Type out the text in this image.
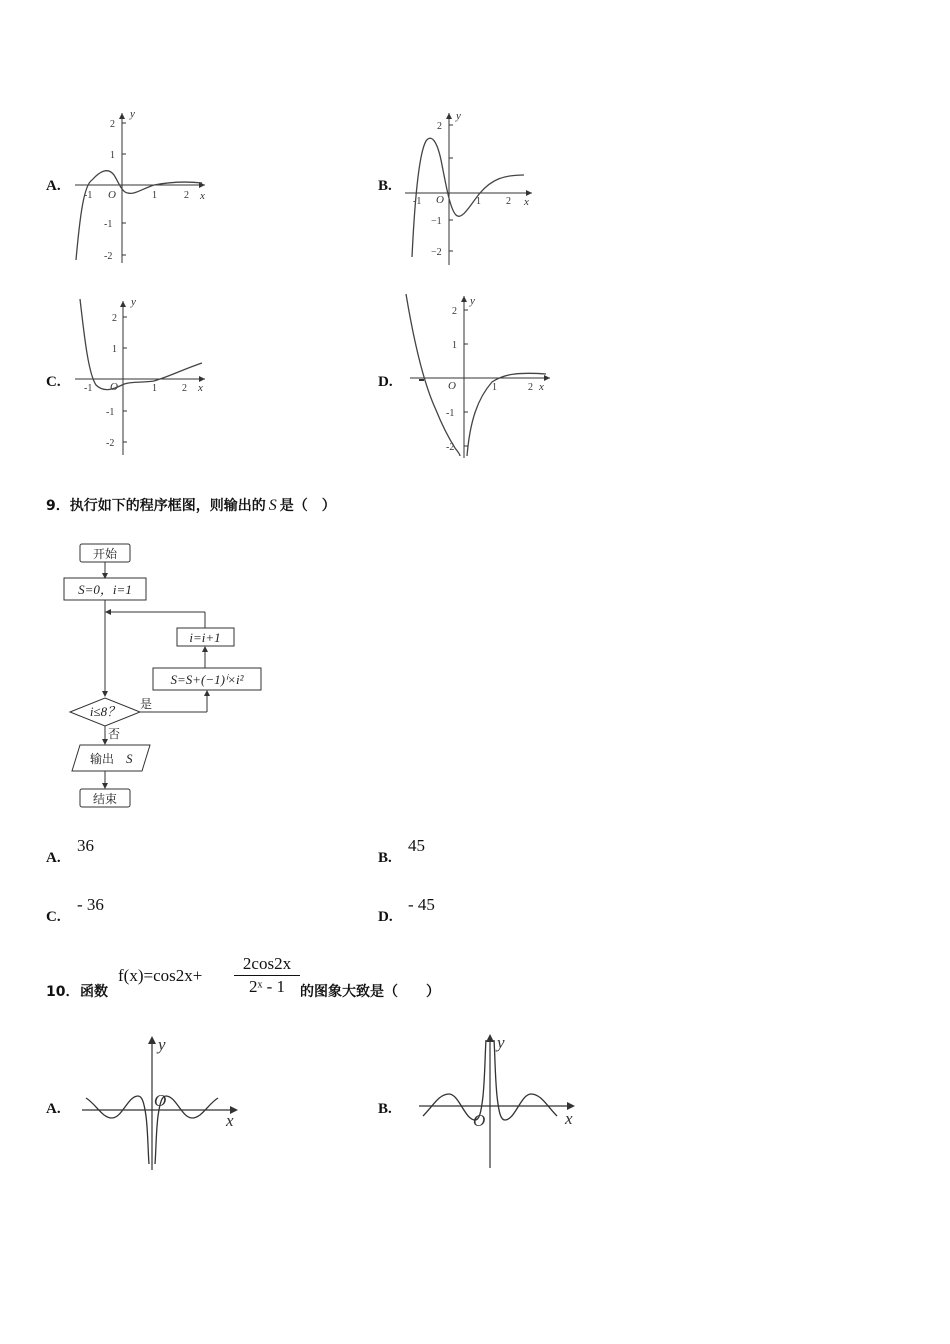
A.
y
x
2
1
-1
-2
-1	1	2
O
B.
y
x
2
−1
−2
-1	1	2
O
C.
y
x
2
1
-1
-2
-1	1	2
O	D.
y
x
2
1
-1
-2
1	2
O
9．执行如下的程序框图，则输出的 S 是（　）
开始
S=0，i=1
i=i+1
S=S+(−1)ⁱ×i²
i≤8？ 是
否
输出 S
结束
A.
36
B.
45
C.
- 36
D.
- 45
10． 函数
$f(x)=\cos 2x+ \frac{2\cos 2x}{\text{2ˣ - 1}}$ 的图象大致是（　　）
A.
y
x
O	B.
y
x
O
